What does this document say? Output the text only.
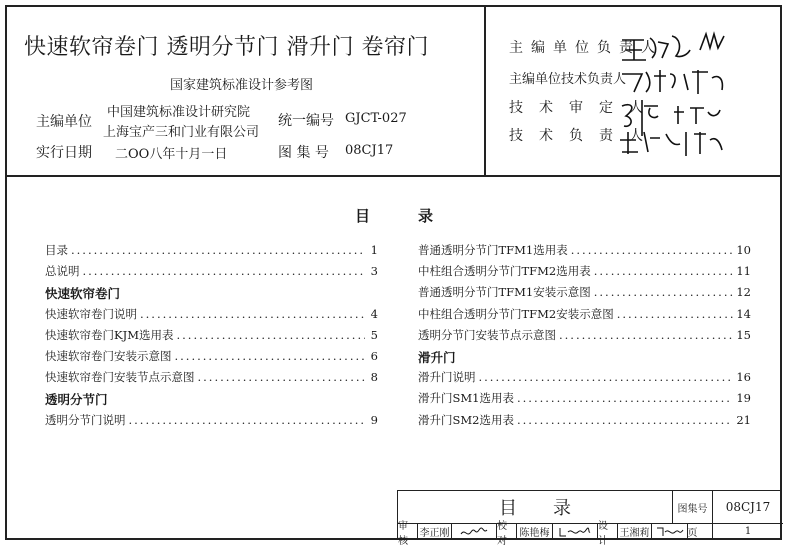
快速软帘卷门 透明分节门 滑升门 卷帘门
国家建筑标准设计参考图
主编单位
中国建筑标准设计研究院
上海宝产三和门业有限公司
实行日期 二OO八年十月一日
统一编号 GJCT-027
图 集 号 08CJ17
主编单位负责人
主编单位技术负责人
技术审定人
技术负责人
目录
目录 .....	1
总说明 .....	3
快速软帘卷门
快速软帘卷门说明 .....	4
快速软帘卷门KJM选用表 .....	5
快速软帘卷门安装示意图 .....	6
快速软帘卷门安装节点示意图 .....	8
透明分节门
透明分节门说明 .....	9
普通透明分节门TFM1选用表 .....	10
中柱组合透明分节门TFM2选用表 .....	11
普通透明分节门TFM1安装示意图 .....	12
中柱组合透明分节门TFM2安装示意图 .....	14
透明分节门安装节点示意图 .....	15
滑升门
滑升门说明 .....	16
滑升门SM1选用表 .....	19
滑升门SM2选用表 .....	21
目录	图集号	08CJ17
审核
李正刚
校对
陈艳梅
设计
王湘莉	页	1
